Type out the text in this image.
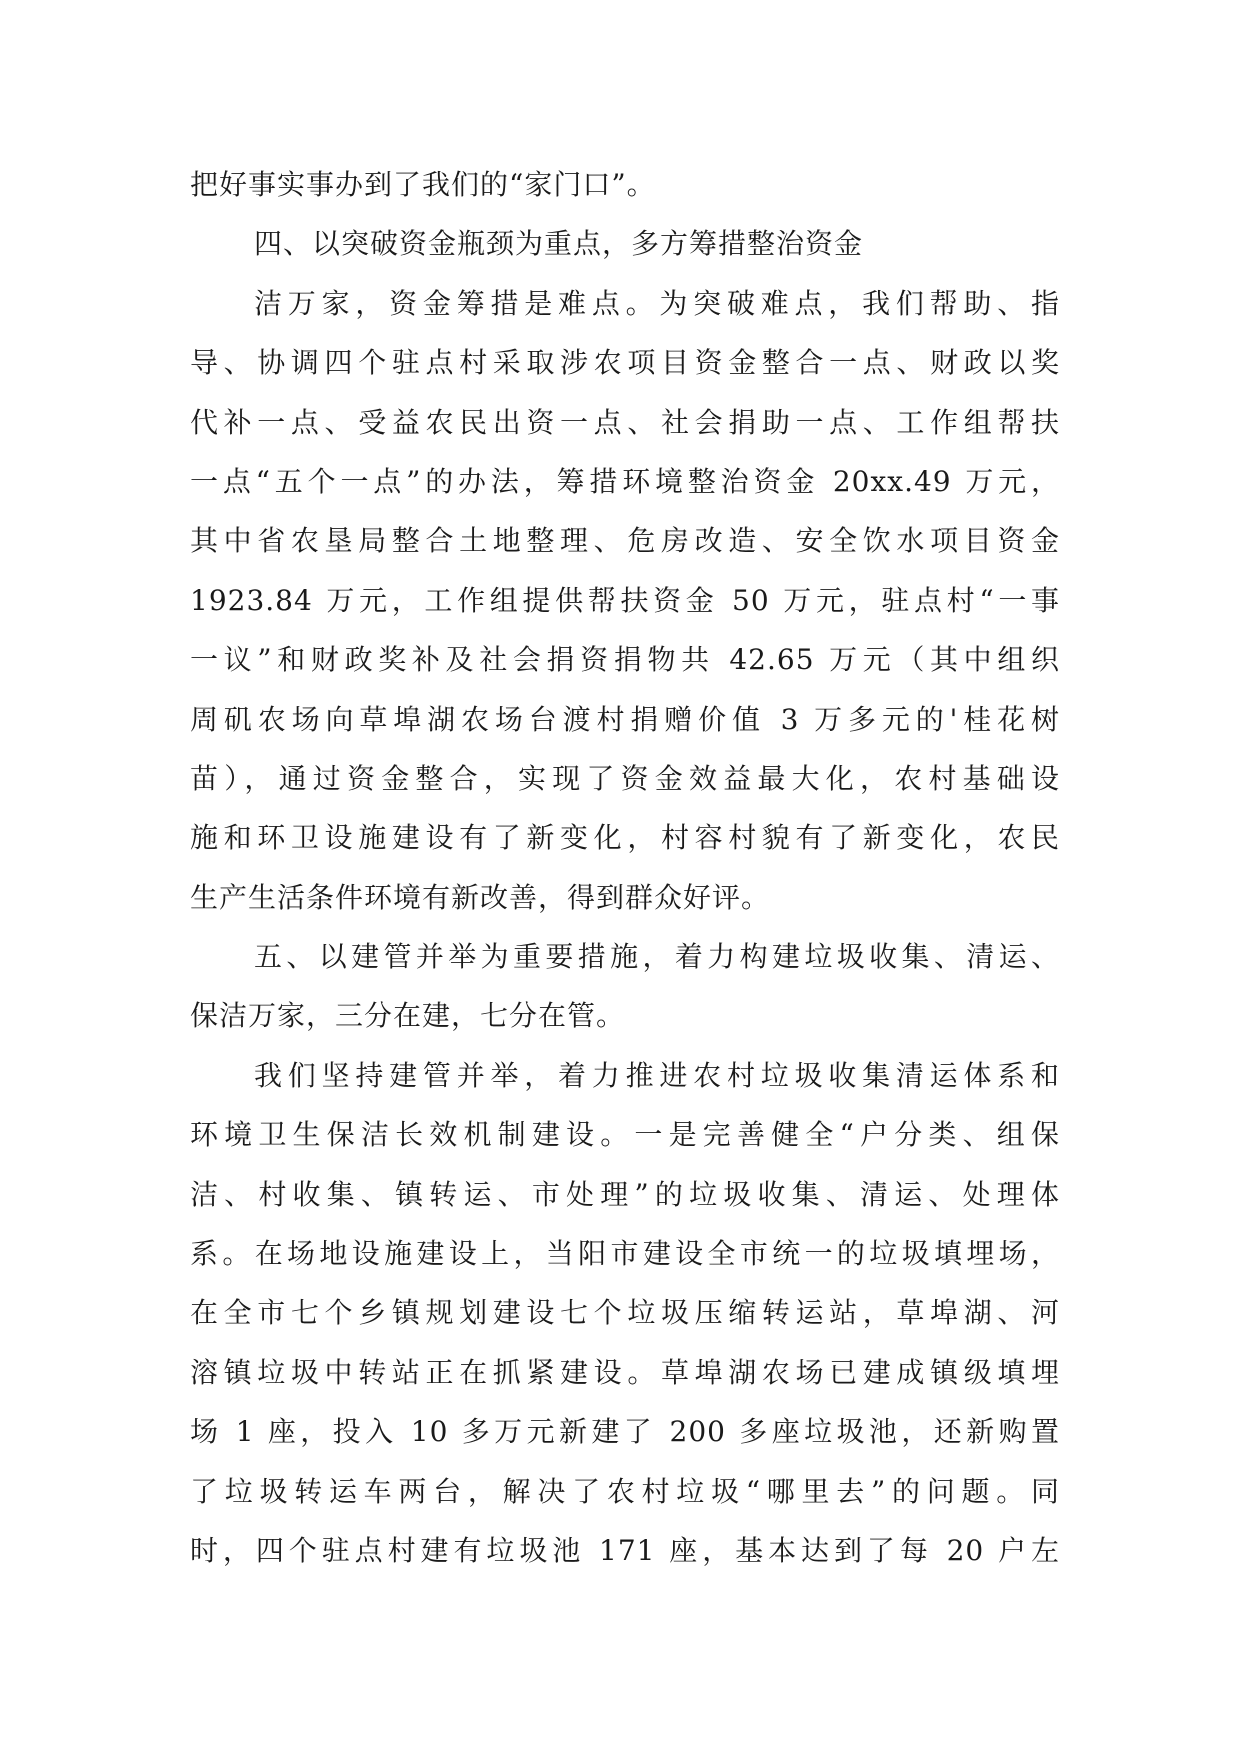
把好事实事办到了我们的“家门口”。
四、以突破资金瓶颈为重点，多方筹措整治资金
洁万家，资金筹措是难点。为突破难点，我们帮助、指
导、协调四个驻点村采取涉农项目资金整合一点、财政以奖
代补一点、受益农民出资一点、社会捐助一点、工作组帮扶
一点“五个一点”的办法，筹措环境整治资金 20xx.49 万元，
其中省农垦局整合土地整理、危房改造、安全饮水项目资金
1923.84 万元，工作组提供帮扶资金 50 万元，驻点村“一事
一议”和财政奖补及社会捐资捐物共 42.65 万元（其中组织
周矶农场向草埠湖农场台渡村捐赠价值 3 万多元的'桂花树
苗），通过资金整合，实现了资金效益最大化，农村基础设
施和环卫设施建设有了新变化，村容村貌有了新变化，农民
生产生活条件环境有新改善，得到群众好评。
五、以建管并举为重要措施，着力构建垃圾收集、清运、
保洁万家，三分在建，七分在管。
我们坚持建管并举，着力推进农村垃圾收集清运体系和
环境卫生保洁长效机制建设。一是完善健全“户分类、组保
洁、村收集、镇转运、市处理”的垃圾收集、清运、处理体
系。在场地设施建设上，当阳市建设全市统一的垃圾填埋场，
在全市七个乡镇规划建设七个垃圾压缩转运站，草埠湖、河
溶镇垃圾中转站正在抓紧建设。草埠湖农场已建成镇级填埋
场 1 座，投入 10 多万元新建了 200 多座垃圾池，还新购置
了垃圾转运车两台，解决了农村垃圾“哪里去”的问题。同
时，四个驻点村建有垃圾池 171 座，基本达到了每 20 户左
